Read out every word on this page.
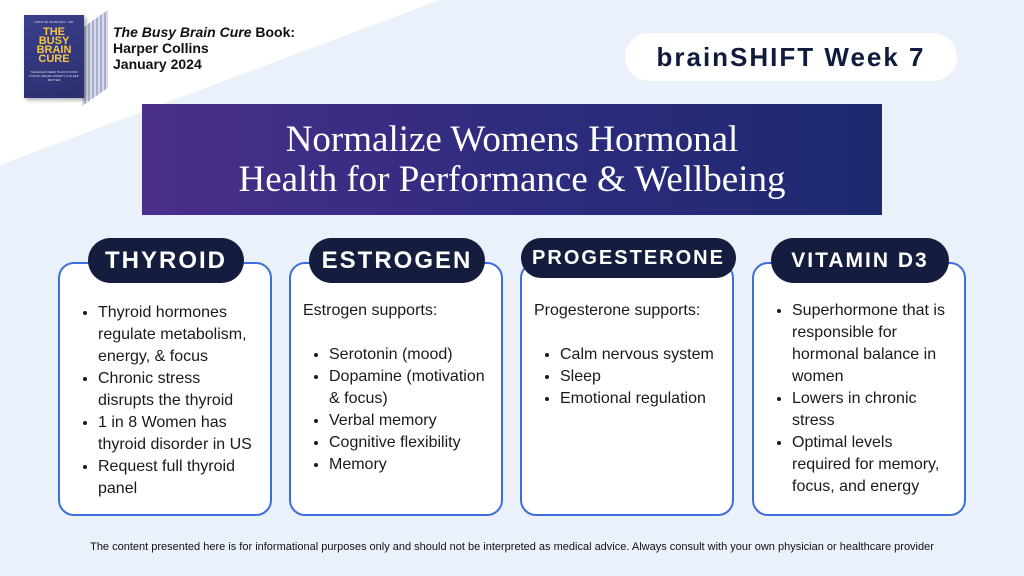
KRISTIE MORNING, MD
THE
BUSY
BRAIN
CURE
THE EIGHT-WEEK PLAN TO FIND FOCUS, RELIEF ANXIETY & SLEEP BETTER
The Busy Brain Cure Book:
Harper Collins
January 2024	brainSHIFT Week 7
Normalize Womens Hormonal
Health for Performance & Wellbeing
• Thyroid hormones regulate metabolism, energy, & focus
• Chronic stress disrupts the thyroid
• 1 in 8 Women has thyroid disorder in US
• Request full thyroid panel
THYROID

Estrogen supports:

• Serotonin (mood)
• Dopamine (motivation & focus)
• Verbal memory
• Cognitive flexibility
• Memory
ESTROGEN

Progesterone supports:

• Calm nervous system
• Sleep
• Emotional regulation
PROGESTERONE
• Superhormone that is responsible for hormonal balance in women
• Lowers in chronic stress
• Optimal levels required for memory, focus, and energy
VITAMIN D3
The content presented here is for informational purposes only and should not be interpreted as medical advice. Always consult with your own physician or healthcare provider
